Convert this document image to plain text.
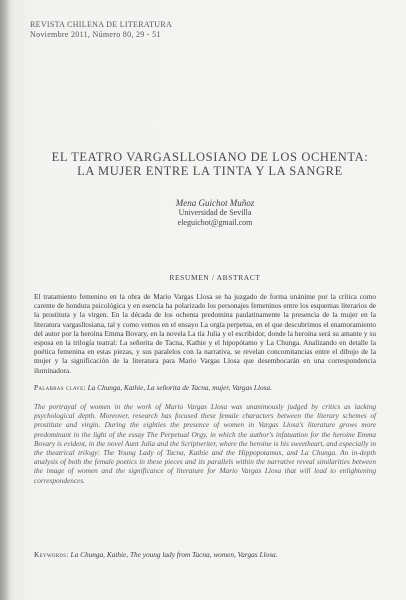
REVISTA CHILENA DE LITERATURA
Noviembre 2011, Número 80, 29 - 51
EL TEATRO VARGASLLOSIANO DE LOS OCHENTA:
LA MUJER ENTRE LA TINTA Y LA SANGRE
Mena Guichot Muñoz
Universidad de Sevilla
eleguichot@gmail.com
RESUMEN / ABSTRACT
El tratamiento femenino en la obra de Mario Vargas Llosa se ha juzgado de forma unánime por la crítica como carente de hondura psicológica y en esencia ha polarizado los personajes femeninos entre los esquemas literarios de la prostituta y la virgen. En la década de los ochenta predomina paulatinamente la presencia de la mujer en la literatura vargasllosiana, tal y como vemos en el ensayo La orgía perpetua, en el que descubrimos el enamoramiento del autor por la heroína Emma Bovary, en la novela La tía Julia y el escribidor, donde la heroína será su amante y su esposa en la trilogía teatral: La señorita de Tacna, Kathie y el hipopótamo y La Chunga. Analizando en detalle la poética femenina en estas piezas, y sus paralelos con la narrativa, se revelan concomitancias entre el dibujo de la mujer y la significación de la literatura para Mario Vargas Llosa que desembocarán en una correspondencia iluminadora.
Palabras clave: La Chunga, Kathie, La señorita de Tacna, mujer, Vargas Llosa.
The portrayal of women in the work of Mario Vargas Llosa was unanimously judged by critics as lacking psychological depth. Moreover, research has focused these female characters between the literary schemes of prostitute and virgin. During the eighties the presence of women in Vargas Llosa's literature grows more predominant in the light of the essay The Perpetual Orgy, in which the author's infatuation for the heroine Emma Bovary is evident, in the novel Aunt Julia and the Scriptwriter, where the heroine is his sweetheart, and especially in the theatrical trilogy: The Young Lady of Tacna, Kathie and the Hippopotamus, and La Chunga. An in-depth analysis of both the female poetics in these pieces and its parallels within the narrative reveal similarities between the image of women and the significance of literature for Mario Vargas Llosa that will lead to enlightening correspondences.
Keywords: La Chunga, Kathie, The young lady from Tacna, women, Vargas Llosa.
